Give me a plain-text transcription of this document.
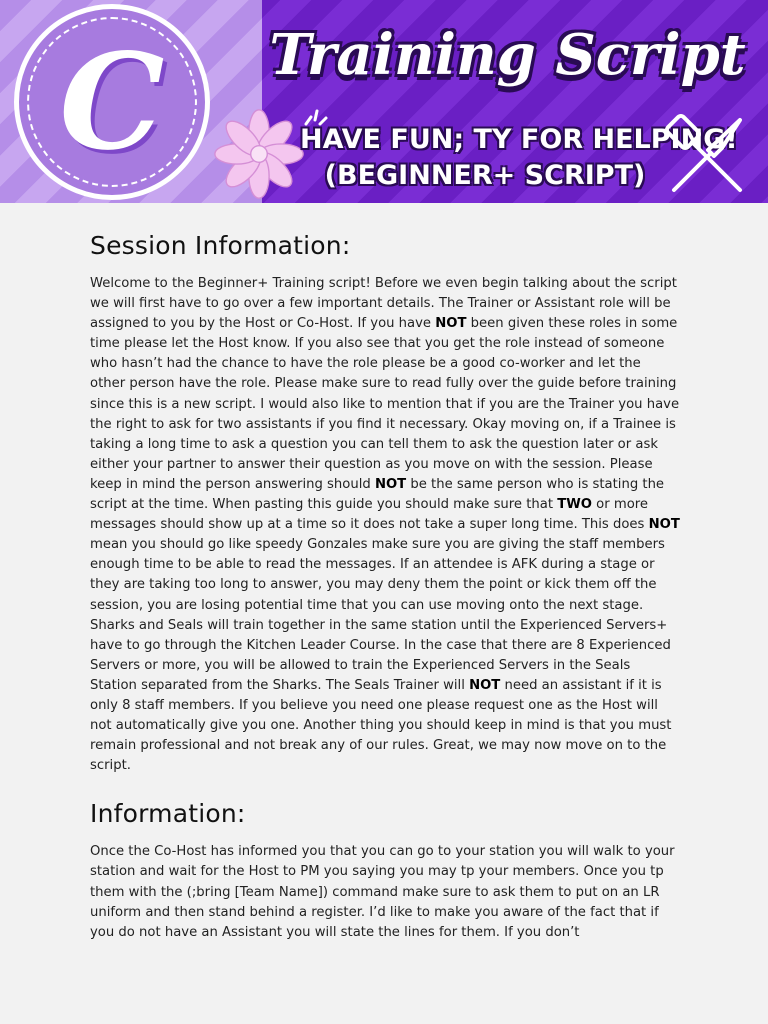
C	Training Script
HAVE FUN; TY FOR HELPING!
(BEGINNER+ SCRIPT)
Session Information:

Welcome to the Beginner+ Training script! Before we even begin talking about the script we will first have to go over a few important details. The Trainer or Assistant role will be assigned to you by the Host or Co-Host. If you have NOT been given these roles in some time please let the Host know. If you also see that you get the role instead of someone who hasn’t had the chance to have the role please be a good co-worker and let the other person have the role. Please make sure to read fully over the guide before training since this is a new script. I would also like to mention that if you are the Trainer you have the right to ask for two assistants if you find it necessary. Okay moving on, if a Trainee is taking a long time to ask a question you can tell them to ask the question later or ask either your partner to answer their question as you move on with the session. Please keep in mind the person answering should NOT be the same person who is stating the script at the time. When pasting this guide you should make sure that TWO or more messages should show up at a time so it does not take a super long time. This does NOT mean you should go like speedy Gonzales make sure you are giving the staff members enough time to be able to read the messages. If an attendee is AFK during a stage or they are taking too long to answer, you may deny them the point or kick them off the session, you are losing potential time that you can use moving onto the next stage. Sharks and Seals will train together in the same station until the Experienced Servers+ have to go through the Kitchen Leader Course. In the case that there are 8 Experienced Servers or more, you will be allowed to train the Experienced Servers in the Seals Station separated from the Sharks. The Seals Trainer will NOT need an assistant if it is only 8 staff members. If you believe you need one please request one as the Host will not automatically give you one. Another thing you should keep in mind is that you must remain professional and not break any of our rules. Great, we may now move on to the script.

Information:

Once the Co-Host has informed you that you can go to your station you will walk to your station and wait for the Host to PM you saying you may tp your members. Once you tp them with the (;bring [Team Name]) command make sure to ask them to put on an LR uniform and then stand behind a register. I’d like to make you aware of the fact that if you do not have an Assistant you will state the lines for them. If you don’t
